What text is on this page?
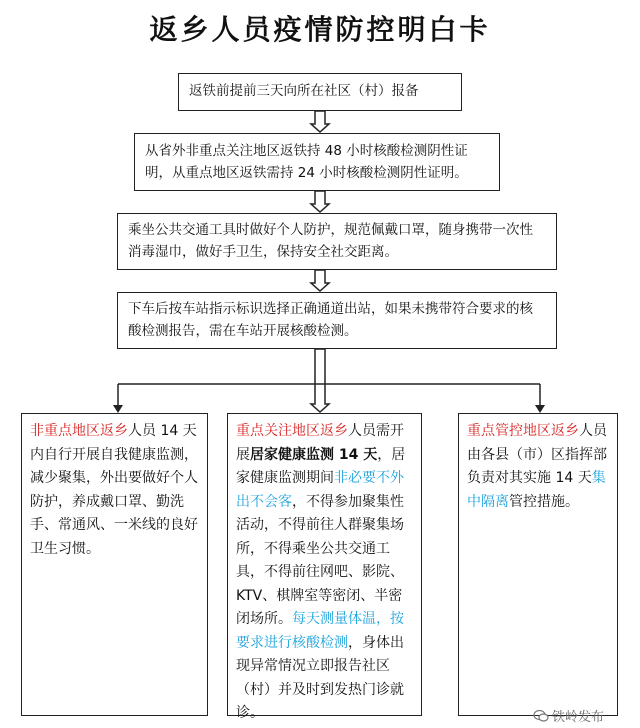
返乡人员疫情防控明白卡
返铁前提前三天向所在社区（村）报备
从省外非重点关注地区返铁持 48 小时核酸检测阴性证明，从重点地区返铁需持 24 小时核酸检测阴性证明。
乘坐公共交通工具时做好个人防护，规范佩戴口罩，随身携带一次性消毒湿巾，做好手卫生，保持安全社交距离。
下车后按车站指示标识选择正确通道出站，如果未携带符合要求的核酸检测报告，需在车站开展核酸检测。
非重点地区返乡人员 14 天内自行开展自我健康监测，减少聚集，外出要做好个人防护，养成戴口罩、勤洗手、常通风、一米线的良好卫生习惯。
重点关注地区返乡人员需开展居家健康监测 14 天，居家健康监测期间非必要不外出不会客，不得参加聚集性活动，不得前往人群聚集场所，不得乘坐公共交通工具，不得前往网吧、影院、KTV、棋牌室等密闭、半密闭场所。每天测量体温，按要求进行核酸检测，身体出现异常情况立即报告社区（村）并及时到发热门诊就诊。
重点管控地区返乡人员由各县（市）区指挥部负责对其实施 14 天集中隔离管控措施。
铁岭发布
